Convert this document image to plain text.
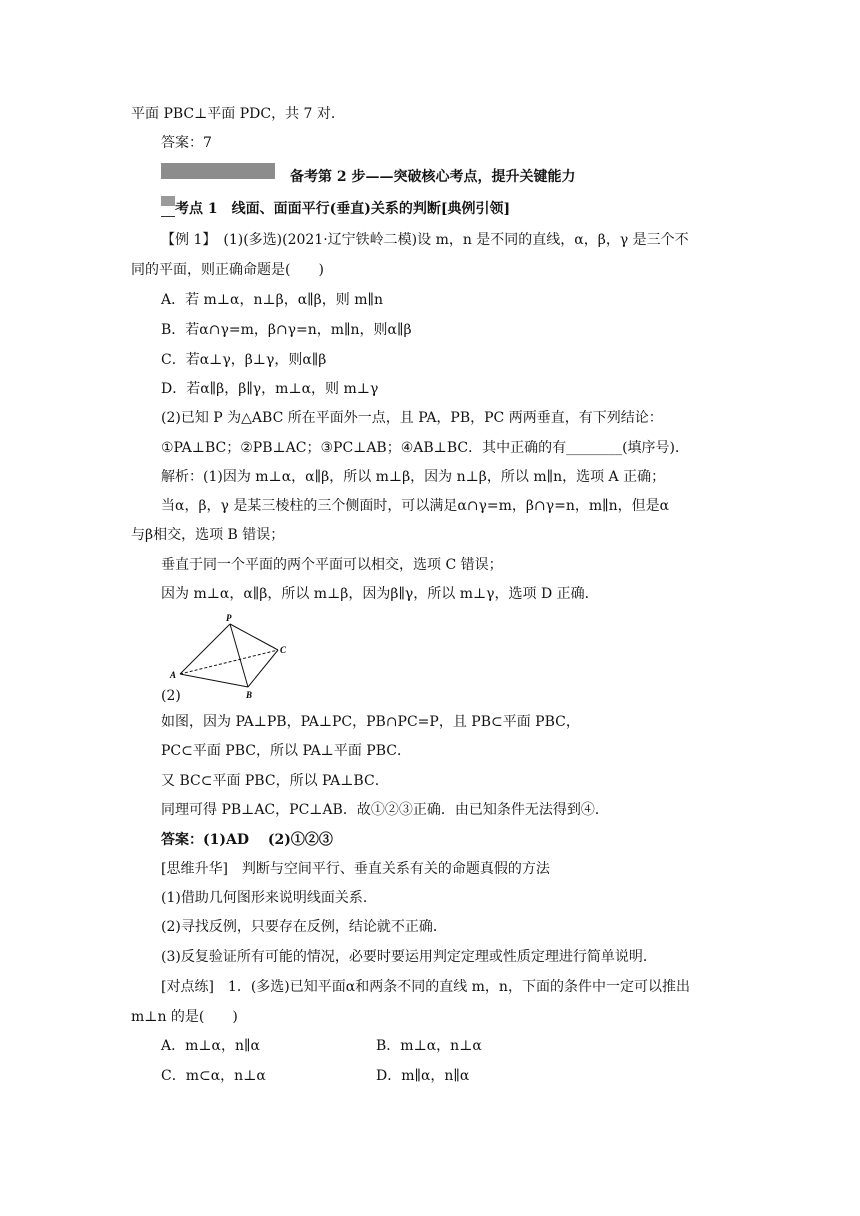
平面 PBC⊥平面 PDC，共 7 对．
答案：7
备考第 2 步——突破核心考点，提升关键能力
考点 1　线面、面面平行(垂直)关系的判断[典例引领]
【例 1】　(1)(多选)(2021·辽宁铁岭二模)设 m，n 是不同的直线，α，β，γ 是三个不
同的平面，则正确命题是(　　)
A．若 m⊥α，n⊥β，α∥β，则 m∥n
B．若α∩γ=m，β∩γ=n，m∥n，则α∥β
C．若α⊥γ，β⊥γ，则α∥β
D．若α∥β，β∥γ，m⊥α，则 m⊥γ
(2)已知 P 为△ABC 所在平面外一点，且 PA，PB，PC 两两垂直，有下列结论：
①PA⊥BC；②PB⊥AC；③PC⊥AB；④AB⊥BC．其中正确的有________(填序号)．
解析：(1)因为 m⊥α，α∥β，所以 m⊥β，因为 n⊥β，所以 m∥n，选项 A 正确；
当α，β，γ 是某三棱柱的三个侧面时，可以满足α∩γ=m，β∩γ=n，m∥n，但是α
与β相交，选项 B 错误；
垂直于同一个平面的两个平面可以相交，选项 C 错误；
因为 m⊥α，α∥β，所以 m⊥β，因为β∥γ，所以 m⊥γ，选项 D 正确．
P
A
B
C
(2)
如图，因为 PA⊥PB，PA⊥PC，PB∩PC=P，且 PB⊂平面 PBC，
PC⊂平面 PBC，所以 PA⊥平面 PBC．
又 BC⊂平面 PBC，所以 PA⊥BC．
同理可得 PB⊥AC，PC⊥AB．故①②③正确．由已知条件无法得到④．
答案：(1)AD　 (2)①②③
[思维升华]　判断与空间平行、垂直关系有关的命题真假的方法
(1)借助几何图形来说明线面关系．
(2)寻找反例，只要存在反例，结论就不正确．
(3)反复验证所有可能的情况，必要时要运用判定定理或性质定理进行简单说明．
[对点练]　1．(多选)已知平面α和两条不同的直线 m，n，下面的条件中一定可以推出
m⊥n 的是(　　)
A．m⊥α，n∥α	B．m⊥α，n⊥α
C．m⊂α，n⊥α	D．m∥α，n∥α
